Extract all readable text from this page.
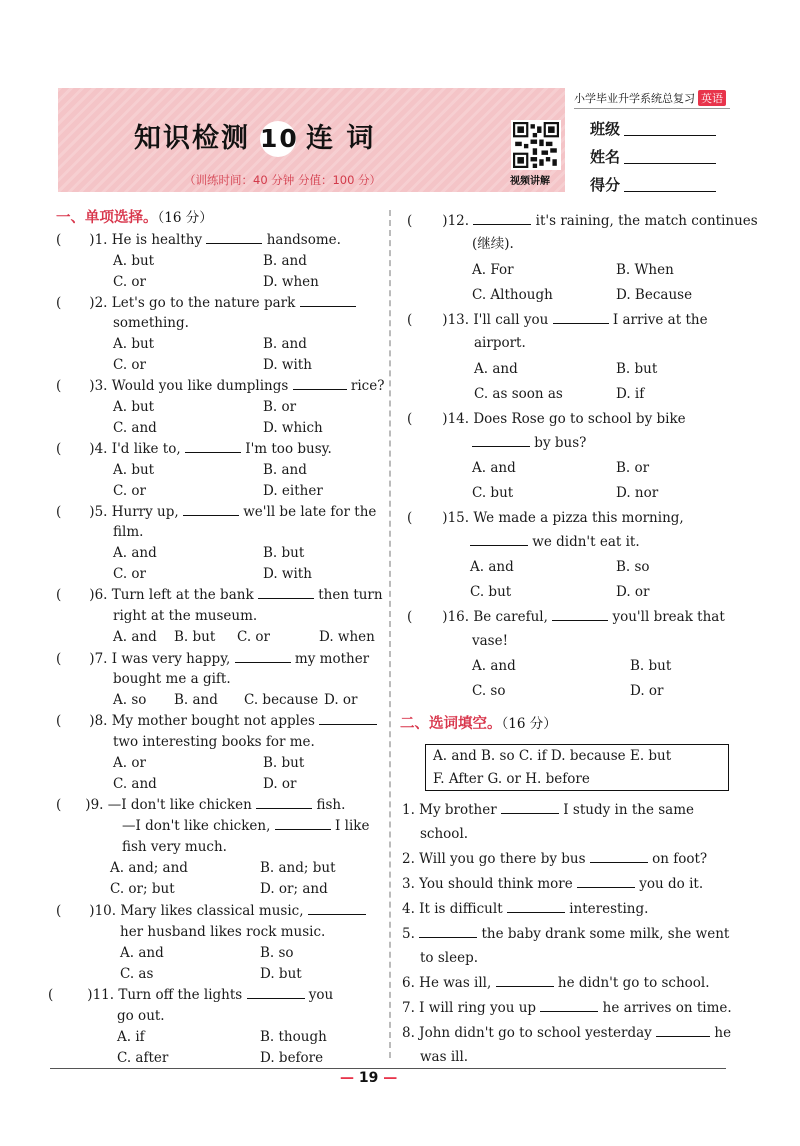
知识检测 10 连 词
（训练时间：40 分钟 分值：100 分）	视频讲解
小学毕业升学系统总复习 英语
班级
姓名
得分
一、单项选择。（16 分）
( )1. He is healthy	handsome.
A. but	B. and
C. or	D. when
( )2. Let's go to the nature park
something.
A. but	B. and
C. or	D. with
( )3. Would you like dumplings	rice?
A. but	B. or
C. and	D. which
( )4. I'd like to,	I'm too busy.
A. but	B. and
C. or	D. either
( )5. Hurry up,	we'll be late for the
film.
A. and	B. but
C. or	D. with
( )6. Turn left at the bank	then turn
right at the museum.
A. and B. but C. or	D. when
( )7. I was very happy,	my mother
bought me a gift.
A. so B. and C. because D. or
( )8. My mother bought not apples
two interesting books for me.
A. or	B. but
C. and	D. or
( )9. —I don't like chicken	fish.
—I don't like chicken,	I like
fish very much.
A. and; and	B. and; but
C. or; but	D. or; and
( )10. Mary likes classical music,
her husband likes rock music.
A. and	B. so
C. as	D. but
(	)11. Turn off the lights	you
go out.
A. if	B. though
C. after	D. before
( )12.	it's raining, the match continues
(继续).
A. For	B. When
C. Although	D. Because
( )13. I'll call you	I arrive at the
airport.
A. and	B. but
C. as soon as	D. if
( )14. Does Rose go to school by bike
by bus?
A. and	B. or
C. but	D. nor
( )15. We made a pizza this morning,
we didn't eat it.
A. and	B. so
C. but	D. or
( )16. Be careful,	you'll break that
vase!
A. and	B. but
C. so	D. or
二、选词填空。（16 分）
A. and B. so C. if D. because E. but
F. After G. or H. before
1. My brother	I study in the same
school.
2. Will you go there by bus	on foot?
3. You should think more	you do it.
4. It is difficult	interesting.
5.	the baby drank some milk, she went
to sleep.
6. He was ill,	he didn't go to school.
7. I will ring you up	he arrives on time.
8. John didn't go to school yesterday	he
was ill.
— 19 —
